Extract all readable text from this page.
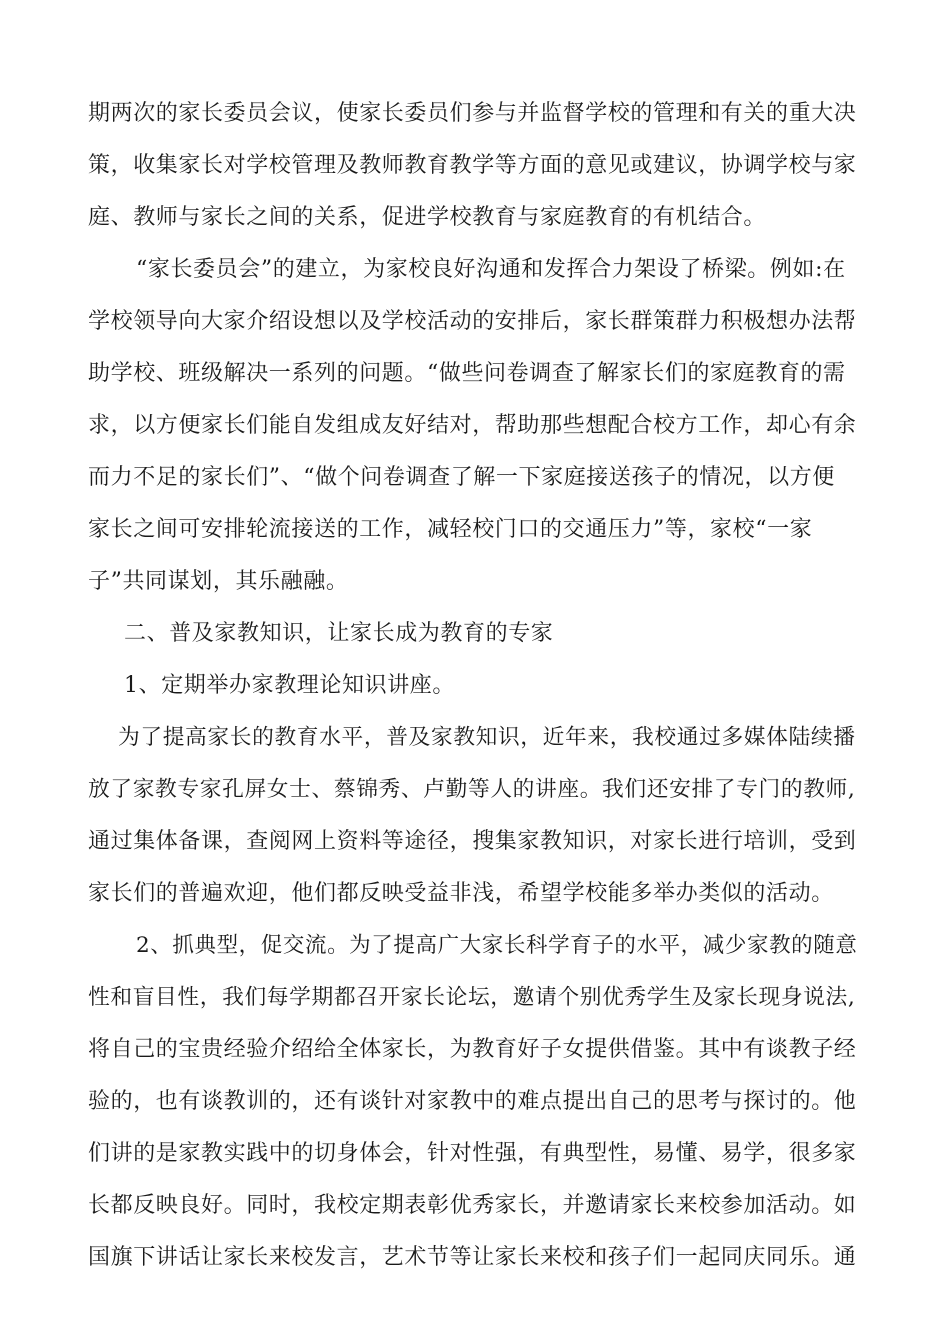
期两次的家长委员会议，使家长委员们参与并监督学校的管理和有关的重大决

策，收集家长对学校管理及教师教育教学等方面的意见或建议，协调学校与家

庭、教师与家长之间的关系，促进学校教育与家庭教育的有机结合。

“家长委员会”的建立，为家校良好沟通和发挥合力架设了桥梁。例如:在

学校领导向大家介绍设想以及学校活动的安排后，家长群策群力积极想办法帮

助学校、班级解决一系列的问题。“做些问卷调查了解家长们的家庭教育的需

求，以方便家长们能自发组成友好结对，帮助那些想配合校方工作，却心有余

而力不足的家长们”、“做个问卷调查了解一下家庭接送孩子的情况，以方便

家长之间可安排轮流接送的工作，减轻校门口的交通压力”等，家校“一家

子”共同谋划，其乐融融。

二、普及家教知识，让家长成为教育的专家

1、定期举办家教理论知识讲座。

为了提高家长的教育水平，普及家教知识，近年来，我校通过多媒体陆续播

放了家教专家孔屏女士、蔡锦秀、卢勤等人的讲座。我们还安排了专门的教师,

通过集体备课，查阅网上资料等途径，搜集家教知识，对家长进行培训，受到

家长们的普遍欢迎，他们都反映受益非浅，希望学校能多举办类似的活动。

2、抓典型，促交流。为了提高广大家长科学育子的水平，减少家教的随意

性和盲目性，我们每学期都召开家长论坛，邀请个别优秀学生及家长现身说法,

将自己的宝贵经验介绍给全体家长，为教育好子女提供借鉴。其中有谈教子经

验的，也有谈教训的，还有谈针对家教中的难点提出自己的思考与探讨的。他

们讲的是家教实践中的切身体会，针对性强，有典型性，易懂、易学，很多家

长都反映良好。同时，我校定期表彰优秀家长，并邀请家长来校参加活动。如

国旗下讲话让家长来校发言，艺术节等让家长来校和孩子们一起同庆同乐。通
